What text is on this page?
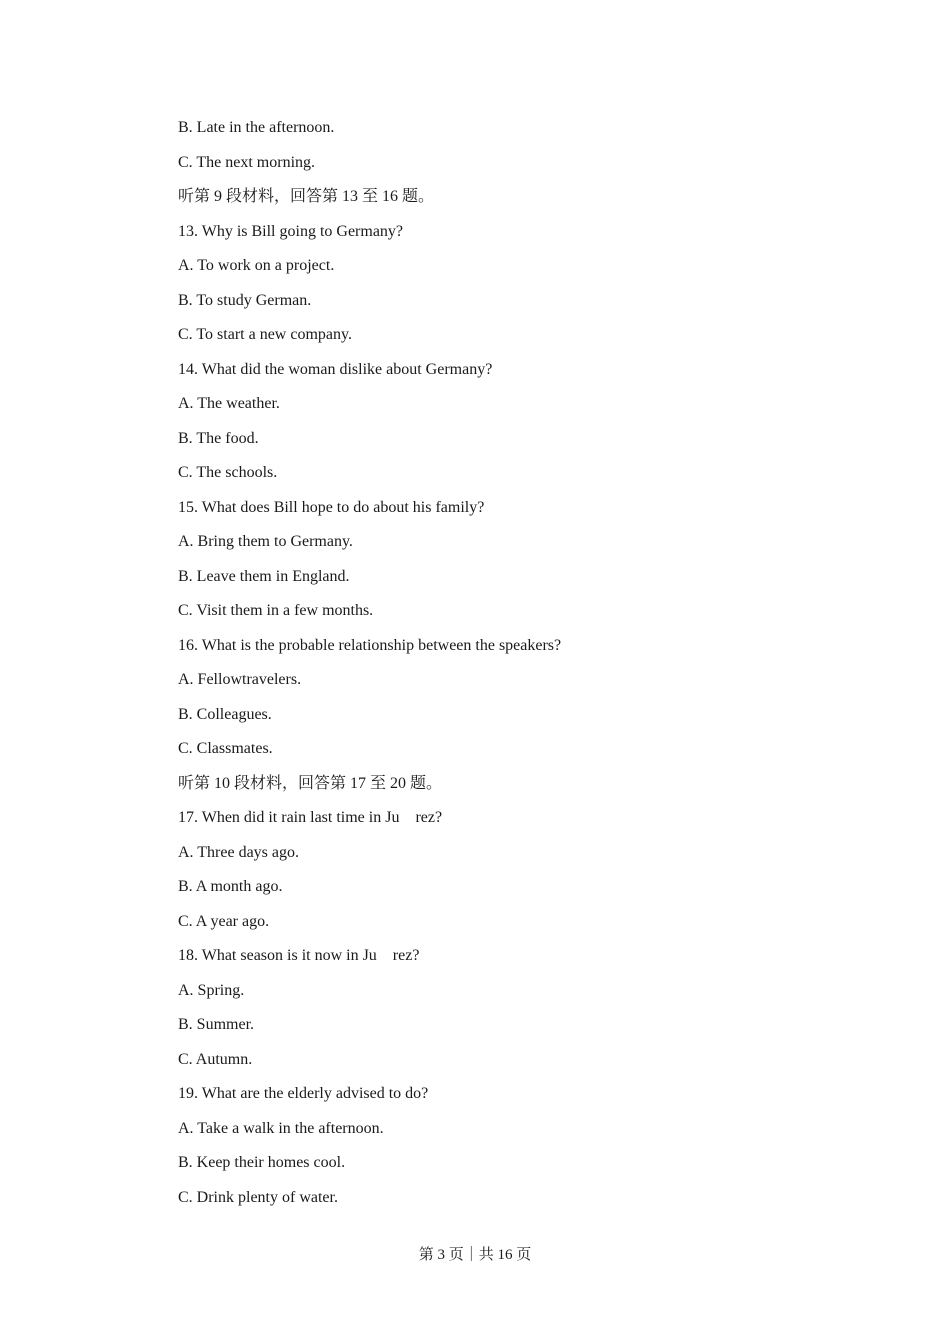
B. Late in the afternoon.
C. The next morning.
听第 9 段材料，回答第 13 至 16 题。
13. Why is Bill going to Germany?
A. To work on a project.
B. To study German.
C. To start a new company.
14. What did the woman dislike about Germany?
A. The weather.
B. The food.
C. The schools.
15. What does Bill hope to do about his family?
A. Bring them to Germany.
B. Leave them in England.
C. Visit them in a few months.
16. What is the probable relationship between the speakers?
A. Fellowtravelers.
B. Colleagues.
C. Classmates.
听第 10 段材料，回答第 17 至 20 题。
17. When did it rain last time in Ju    rez?
A. Three days ago.
B. A month ago.
C. A year ago.
18. What season is it now in Ju    rez?
A. Spring.
B. Summer.
C. Autumn.
19. What are the elderly advised to do?
A. Take a walk in the afternoon.
B. Keep their homes cool.
C. Drink plenty of water.
第 3 页｜共 16 页
